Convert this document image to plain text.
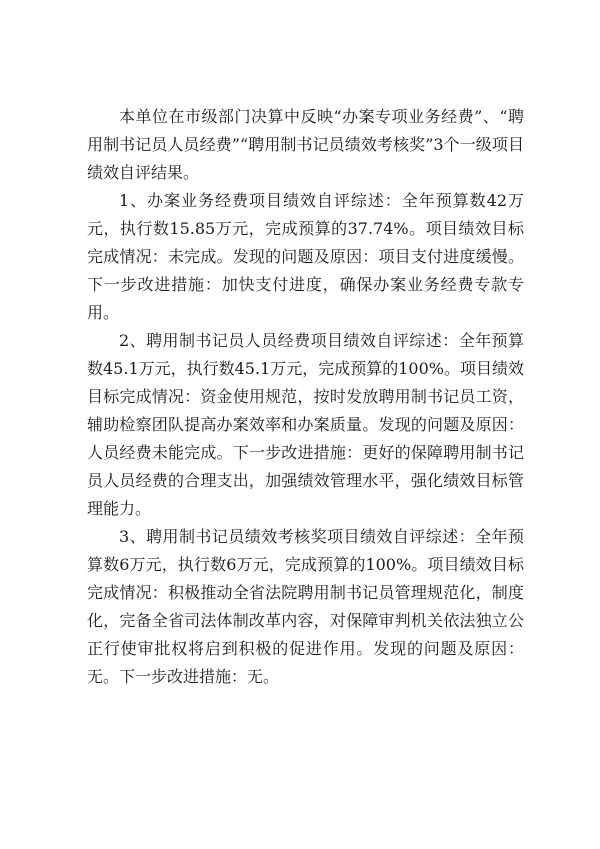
本单位在市级部门决算中反映“办案专项业务经费”、“聘用制书记员人员经费”“聘用制书记员绩效考核奖”3个一级项目绩效自评结果。

1、办案业务经费项目绩效自评综述：全年预算数42万元，执行数15.85万元，完成预算的37.74%。项目绩效目标完成情况：未完成。发现的问题及原因：项目支付进度缓慢。下一步改进措施：加快支付进度，确保办案业务经费专款专用。

2、聘用制书记员人员经费项目绩效自评综述：全年预算数45.1万元，执行数45.1万元，完成预算的100%。项目绩效目标完成情况：资金使用规范，按时发放聘用制书记员工资，辅助检察团队提高办案效率和办案质量。发现的问题及原因：人员经费未能完成。下一步改进措施：更好的保障聘用制书记员人员经费的合理支出，加强绩效管理水平，强化绩效目标管理能力。

3、聘用制书记员绩效考核奖项目绩效自评综述：全年预算数6万元，执行数6万元，完成预算的100%。项目绩效目标完成情况：积极推动全省法院聘用制书记员管理规范化，制度化，完备全省司法体制改革内容，对保障审判机关依法独立公正行使审批权将启到积极的促进作用。发现的问题及原因：无。下一步改进措施：无。
